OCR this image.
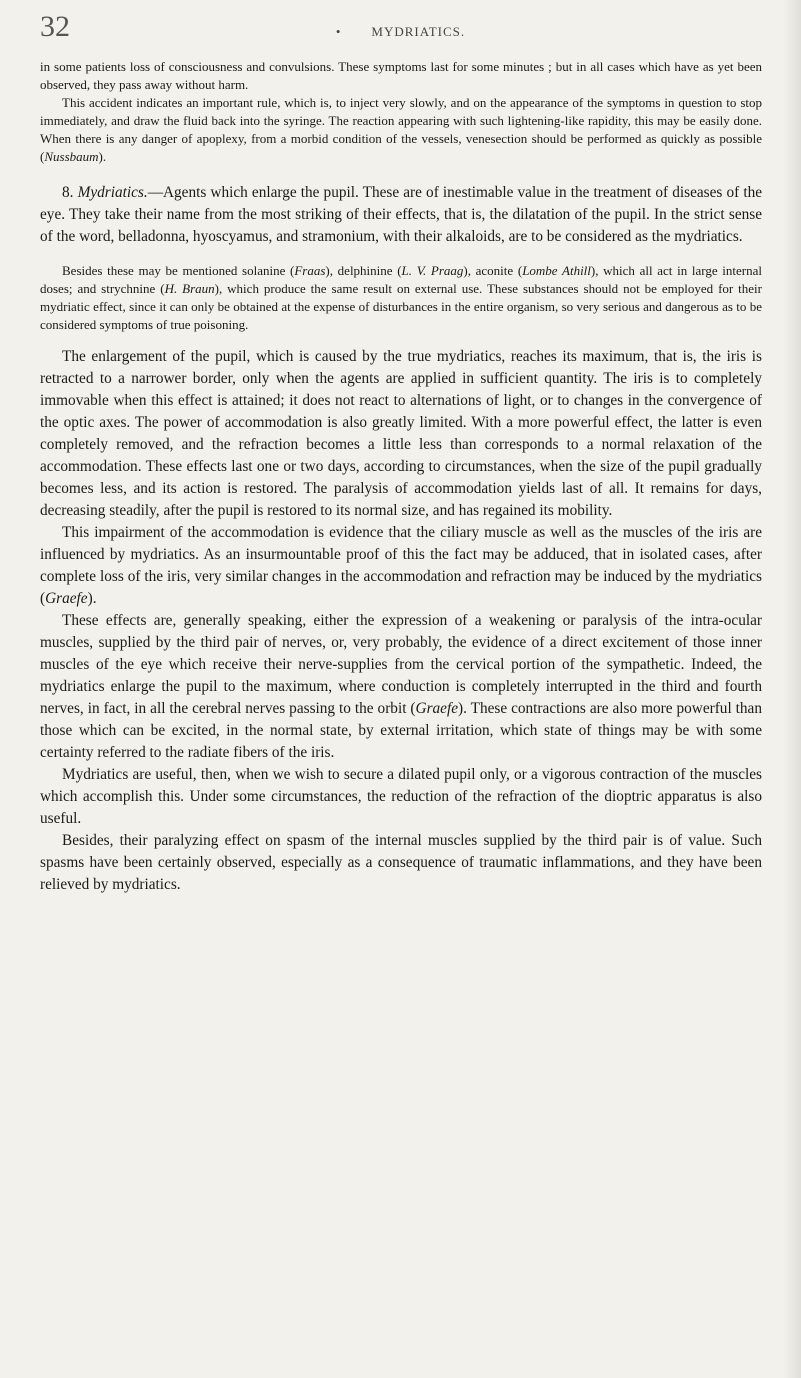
32	• MYDRIATICS.

in some patients loss of consciousness and convulsions. These symptoms last for some minutes ; but in all cases which have as yet been observed, they pass away without harm.

This accident indicates an important rule, which is, to inject very slowly, and on the appearance of the symptoms in question to stop immediately, and draw the fluid back into the syringe. The reaction appearing with such lightening-like rapidity, this may be easily done. When there is any danger of apoplexy, from a morbid condition of the vessels, venesection should be performed as quickly as possible (Nussbaum).

8. Mydriatics.—Agents which enlarge the pupil. These are of inestimable value in the treatment of diseases of the eye. They take their name from the most striking of their effects, that is, the dilatation of the pupil. In the strict sense of the word, belladonna, hyoscyamus, and stramonium, with their alkaloids, are to be considered as the mydriatics.

Besides these may be mentioned solanine (Fraas), delphinine (L. V. Praag), aconite (Lombe Athill), which all act in large internal doses; and strychnine (H. Braun), which produce the same result on external use. These substances should not be employed for their mydriatic effect, since it can only be obtained at the expense of disturbances in the entire organism, so very serious and dangerous as to be considered symptoms of true poisoning.

The enlargement of the pupil, which is caused by the true mydriatics, reaches its maximum, that is, the iris is retracted to a narrower border, only when the agents are applied in sufficient quantity. The iris is to completely immovable when this effect is attained; it does not react to alternations of light, or to changes in the convergence of the optic axes. The power of accommodation is also greatly limited. With a more powerful effect, the latter is even completely removed, and the refraction becomes a little less than corresponds to a normal relaxation of the accommodation. These effects last one or two days, according to circumstances, when the size of the pupil gradually becomes less, and its action is restored. The paralysis of accommodation yields last of all. It remains for days, decreasing steadily, after the pupil is restored to its normal size, and has regained its mobility.

This impairment of the accommodation is evidence that the ciliary muscle as well as the muscles of the iris are influenced by mydriatics. As an insurmountable proof of this the fact may be adduced, that in isolated cases, after complete loss of the iris, very similar changes in the accommodation and refraction may be induced by the mydriatics (Graefe).

These effects are, generally speaking, either the expression of a weakening or paralysis of the intra-ocular muscles, supplied by the third pair of nerves, or, very probably, the evidence of a direct excitement of those inner muscles of the eye which receive their nerve-supplies from the cervical portion of the sympathetic. Indeed, the mydriatics enlarge the pupil to the maximum, where conduction is completely interrupted in the third and fourth nerves, in fact, in all the cerebral nerves passing to the orbit (Graefe). These contractions are also more powerful than those which can be excited, in the normal state, by external irritation, which state of things may be with some certainty referred to the radiate fibers of the iris.

Mydriatics are useful, then, when we wish to secure a dilated pupil only, or a vigorous contraction of the muscles which accomplish this. Under some circumstances, the reduction of the refraction of the dioptric apparatus is also useful.

Besides, their paralyzing effect on spasm of the internal muscles supplied by the third pair is of value. Such spasms have been certainly observed, especially as a consequence of traumatic inflammations, and they have been relieved by mydriatics.
